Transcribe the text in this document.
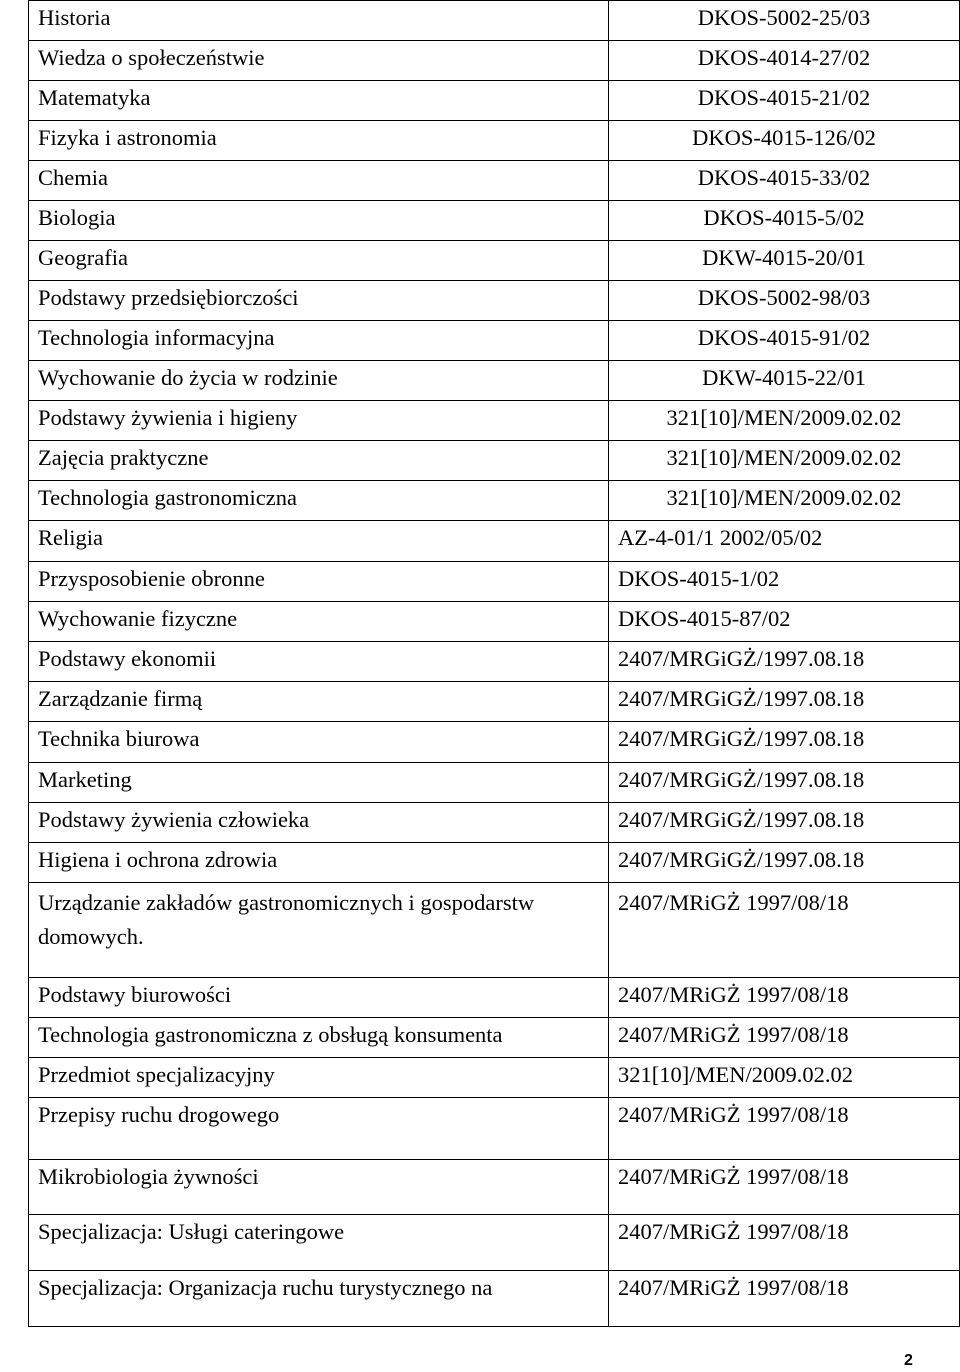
Historia	DKOS-5002-25/03
Wiedza o społeczeństwie	DKOS-4014-27/02
Matematyka	DKOS-4015-21/02
Fizyka i astronomia	DKOS-4015-126/02
Chemia	DKOS-4015-33/02
Biologia	DKOS-4015-5/02
Geografia	DKW-4015-20/01
Podstawy przedsiębiorczości	DKOS-5002-98/03
Technologia informacyjna	DKOS-4015-91/02
Wychowanie do życia w rodzinie	DKW-4015-22/01
Podstawy żywienia i higieny	321[10]/MEN/2009.02.02
Zajęcia praktyczne	321[10]/MEN/2009.02.02
Technologia gastronomiczna	321[10]/MEN/2009.02.02
Religia	AZ-4-01/1 2002/05/02
Przysposobienie obronne	DKOS-4015-1/02
Wychowanie fizyczne	DKOS-4015-87/02
Podstawy ekonomii	2407/MRGiGŻ/1997.08.18
Zarządzanie firmą	2407/MRGiGŻ/1997.08.18
Technika biurowa	2407/MRGiGŻ/1997.08.18
Marketing	2407/MRGiGŻ/1997.08.18
Podstawy żywienia człowieka	2407/MRGiGŻ/1997.08.18
Higiena i ochrona zdrowia	2407/MRGiGŻ/1997.08.18
Urządzanie zakładów gastronomicznych i gospodarstw domowych.	2407/MRiGŻ 1997/08/18
Podstawy biurowości	2407/MRiGŻ 1997/08/18
Technologia gastronomiczna z obsługą konsumenta	2407/MRiGŻ 1997/08/18
Przedmiot specjalizacyjny	321[10]/MEN/2009.02.02
Przepisy ruchu drogowego	2407/MRiGŻ 1997/08/18
Mikrobiologia żywności	2407/MRiGŻ 1997/08/18
Specjalizacja: Usługi cateringowe	2407/MRiGŻ 1997/08/18
Specjalizacja: Organizacja ruchu turystycznego na	2407/MRiGŻ 1997/08/18
2
